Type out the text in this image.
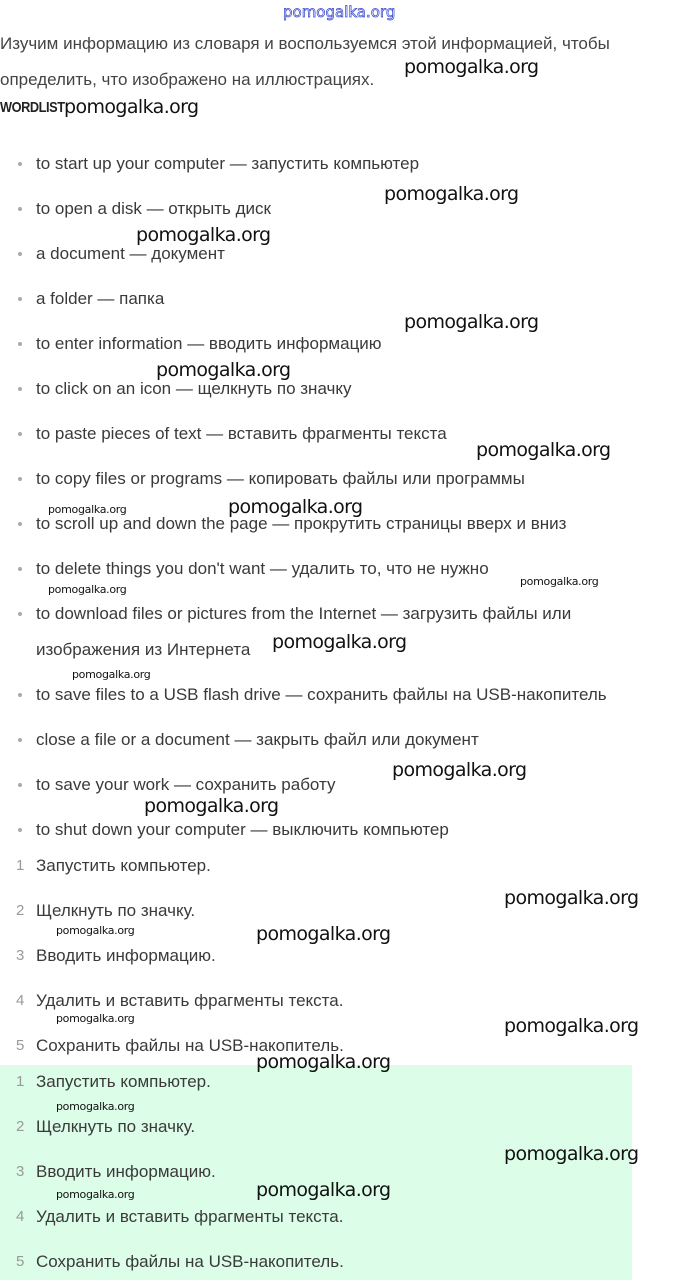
pomogalka.org
Изучим информацию из словаря и воспользуемся этой информацией, чтобы
определить, что изображено на иллюстрациях.
WORDLIST
to start up your computer — запустить компьютер
to open a disk — открыть диск
a document — документ
a folder — папка
to enter information — вводить информацию
to click on an icon — щелкнуть по значку
to paste pieces of text — вставить фрагменты текста
to copy files or programs — копировать файлы или программы
to scroll up and down the page — прокрутить страницы вверх и вниз
to delete things you don't want — удалить то, что не нужно
to download files or pictures from the Internet — загрузить файлы или
изображения из Интернета
to save files to a USB flash drive — сохранить файлы на USB-накопитель
close a file or a document — закрыть файл или документ
to save your work — сохранить работу
to shut down your computer — выключить компьютер
1 Запустить компьютер.
2 Щелкнуть по значку.
3 Вводить информацию.
4 Удалить и вставить фрагменты текста.
5 Сохранить файлы на USB-накопитель.
1 Запустить компьютер.
2 Щелкнуть по значку.
3 Вводить информацию.
4 Удалить и вставить фрагменты текста.
5 Сохранить файлы на USB-накопитель.
pomogalka.org
pomogalka.org
pomogalka.org
pomogalka.org
pomogalka.org
pomogalka.org
pomogalka.org
pomogalka.org
pomogalka.org
pomogalka.org
pomogalka.org
pomogalka.org
pomogalka.org
pomogalka.org
pomogalka.org
pomogalka.org
pomogalka.org
pomogalka.org
pomogalka.org
pomogalka.org
pomogalka.org
pomogalka.org
pomogalka.org
pomogalka.org
pomogalka.org
